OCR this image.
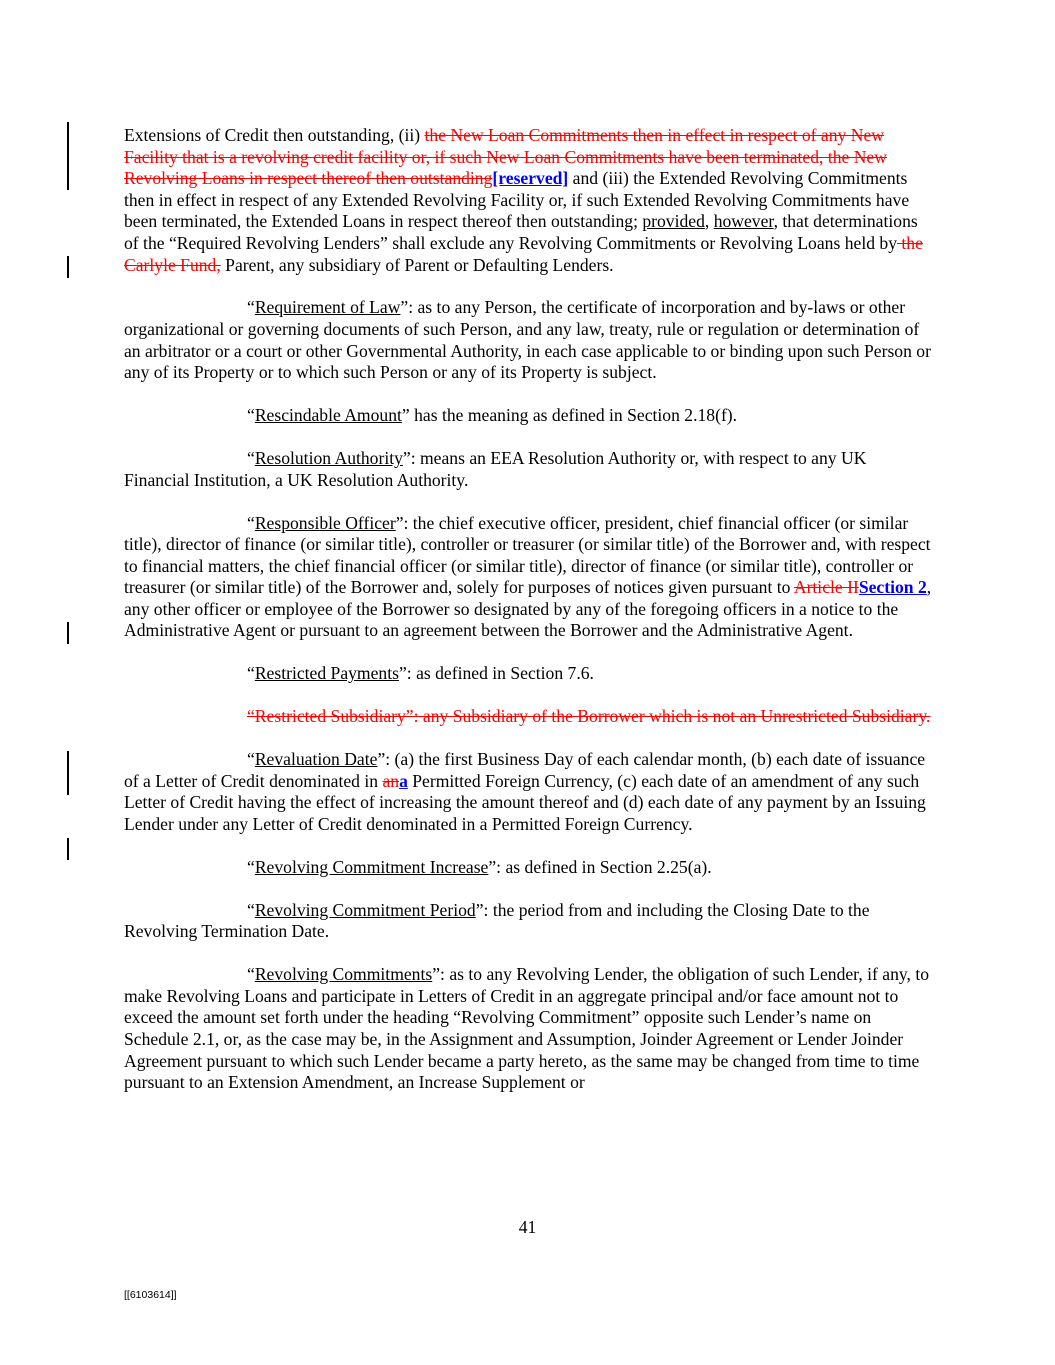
Extensions of Credit then outstanding, (ii) the New Loan Commitments then in effect in respect of any New Facility that is a revolving credit facility or, if such New Loan Commitments have been terminated, the New Revolving Loans in respect thereof then outstanding[reserved] and (iii) the Extended Revolving Commitments then in effect in respect of any Extended Revolving Facility or, if such Extended Revolving Commitments have been terminated, the Extended Loans in respect thereof then outstanding; provided, however, that determinations of the “Required Revolving Lenders” shall exclude any Revolving Commitments or Revolving Loans held by the Carlyle Fund, Parent, any subsidiary of Parent or Defaulting Lenders.

“Requirement of Law”: as to any Person, the certificate of incorporation and by-laws or other organizational or governing documents of such Person, and any law, treaty, rule or regulation or determination of an arbitrator or a court or other Governmental Authority, in each case applicable to or binding upon such Person or any of its Property or to which such Person or any of its Property is subject.

“Rescindable Amount” has the meaning as defined in Section 2.18(f).

“Resolution Authority”: means an EEA Resolution Authority or, with respect to any UK Financial Institution, a UK Resolution Authority.

“Responsible Officer”: the chief executive officer, president, chief financial officer (or similar title), director of finance (or similar title), controller or treasurer (or similar title) of the Borrower and, with respect to financial matters, the chief financial officer (or similar title), director of finance (or similar title), controller or treasurer (or similar title) of the Borrower and, solely for purposes of notices given pursuant to Article IISection 2, any other officer or employee of the Borrower so designated by any of the foregoing officers in a notice to the Administrative Agent or pursuant to an agreement between the Borrower and the Administrative Agent.

“Restricted Payments”: as defined in Section 7.6.

“Restricted Subsidiary”: any Subsidiary of the Borrower which is not an Unrestricted Subsidiary.

“Revaluation Date”: (a) the first Business Day of each calendar month, (b) each date of issuance of a Letter of Credit denominated in ana Permitted Foreign Currency, (c) each date of an amendment of any such Letter of Credit having the effect of increasing the amount thereof and (d) each date of any payment by an Issuing Lender under any Letter of Credit denominated in a Permitted Foreign Currency.

“Revolving Commitment Increase”: as defined in Section 2.25(a).

“Revolving Commitment Period”: the period from and including the Closing Date to the Revolving Termination Date.

“Revolving Commitments”: as to any Revolving Lender, the obligation of such Lender, if any, to make Revolving Loans and participate in Letters of Credit in an aggregate principal and/or face amount not to exceed the amount set forth under the heading “Revolving Commitment” opposite such Lender’s name on Schedule 2.1, or, as the case may be, in the Assignment and Assumption, Joinder Agreement or Lender Joinder Agreement pursuant to which such Lender became a party hereto, as the same may be changed from time to time pursuant to an Extension Amendment, an Increase Supplement or

41
[[6103614]]
